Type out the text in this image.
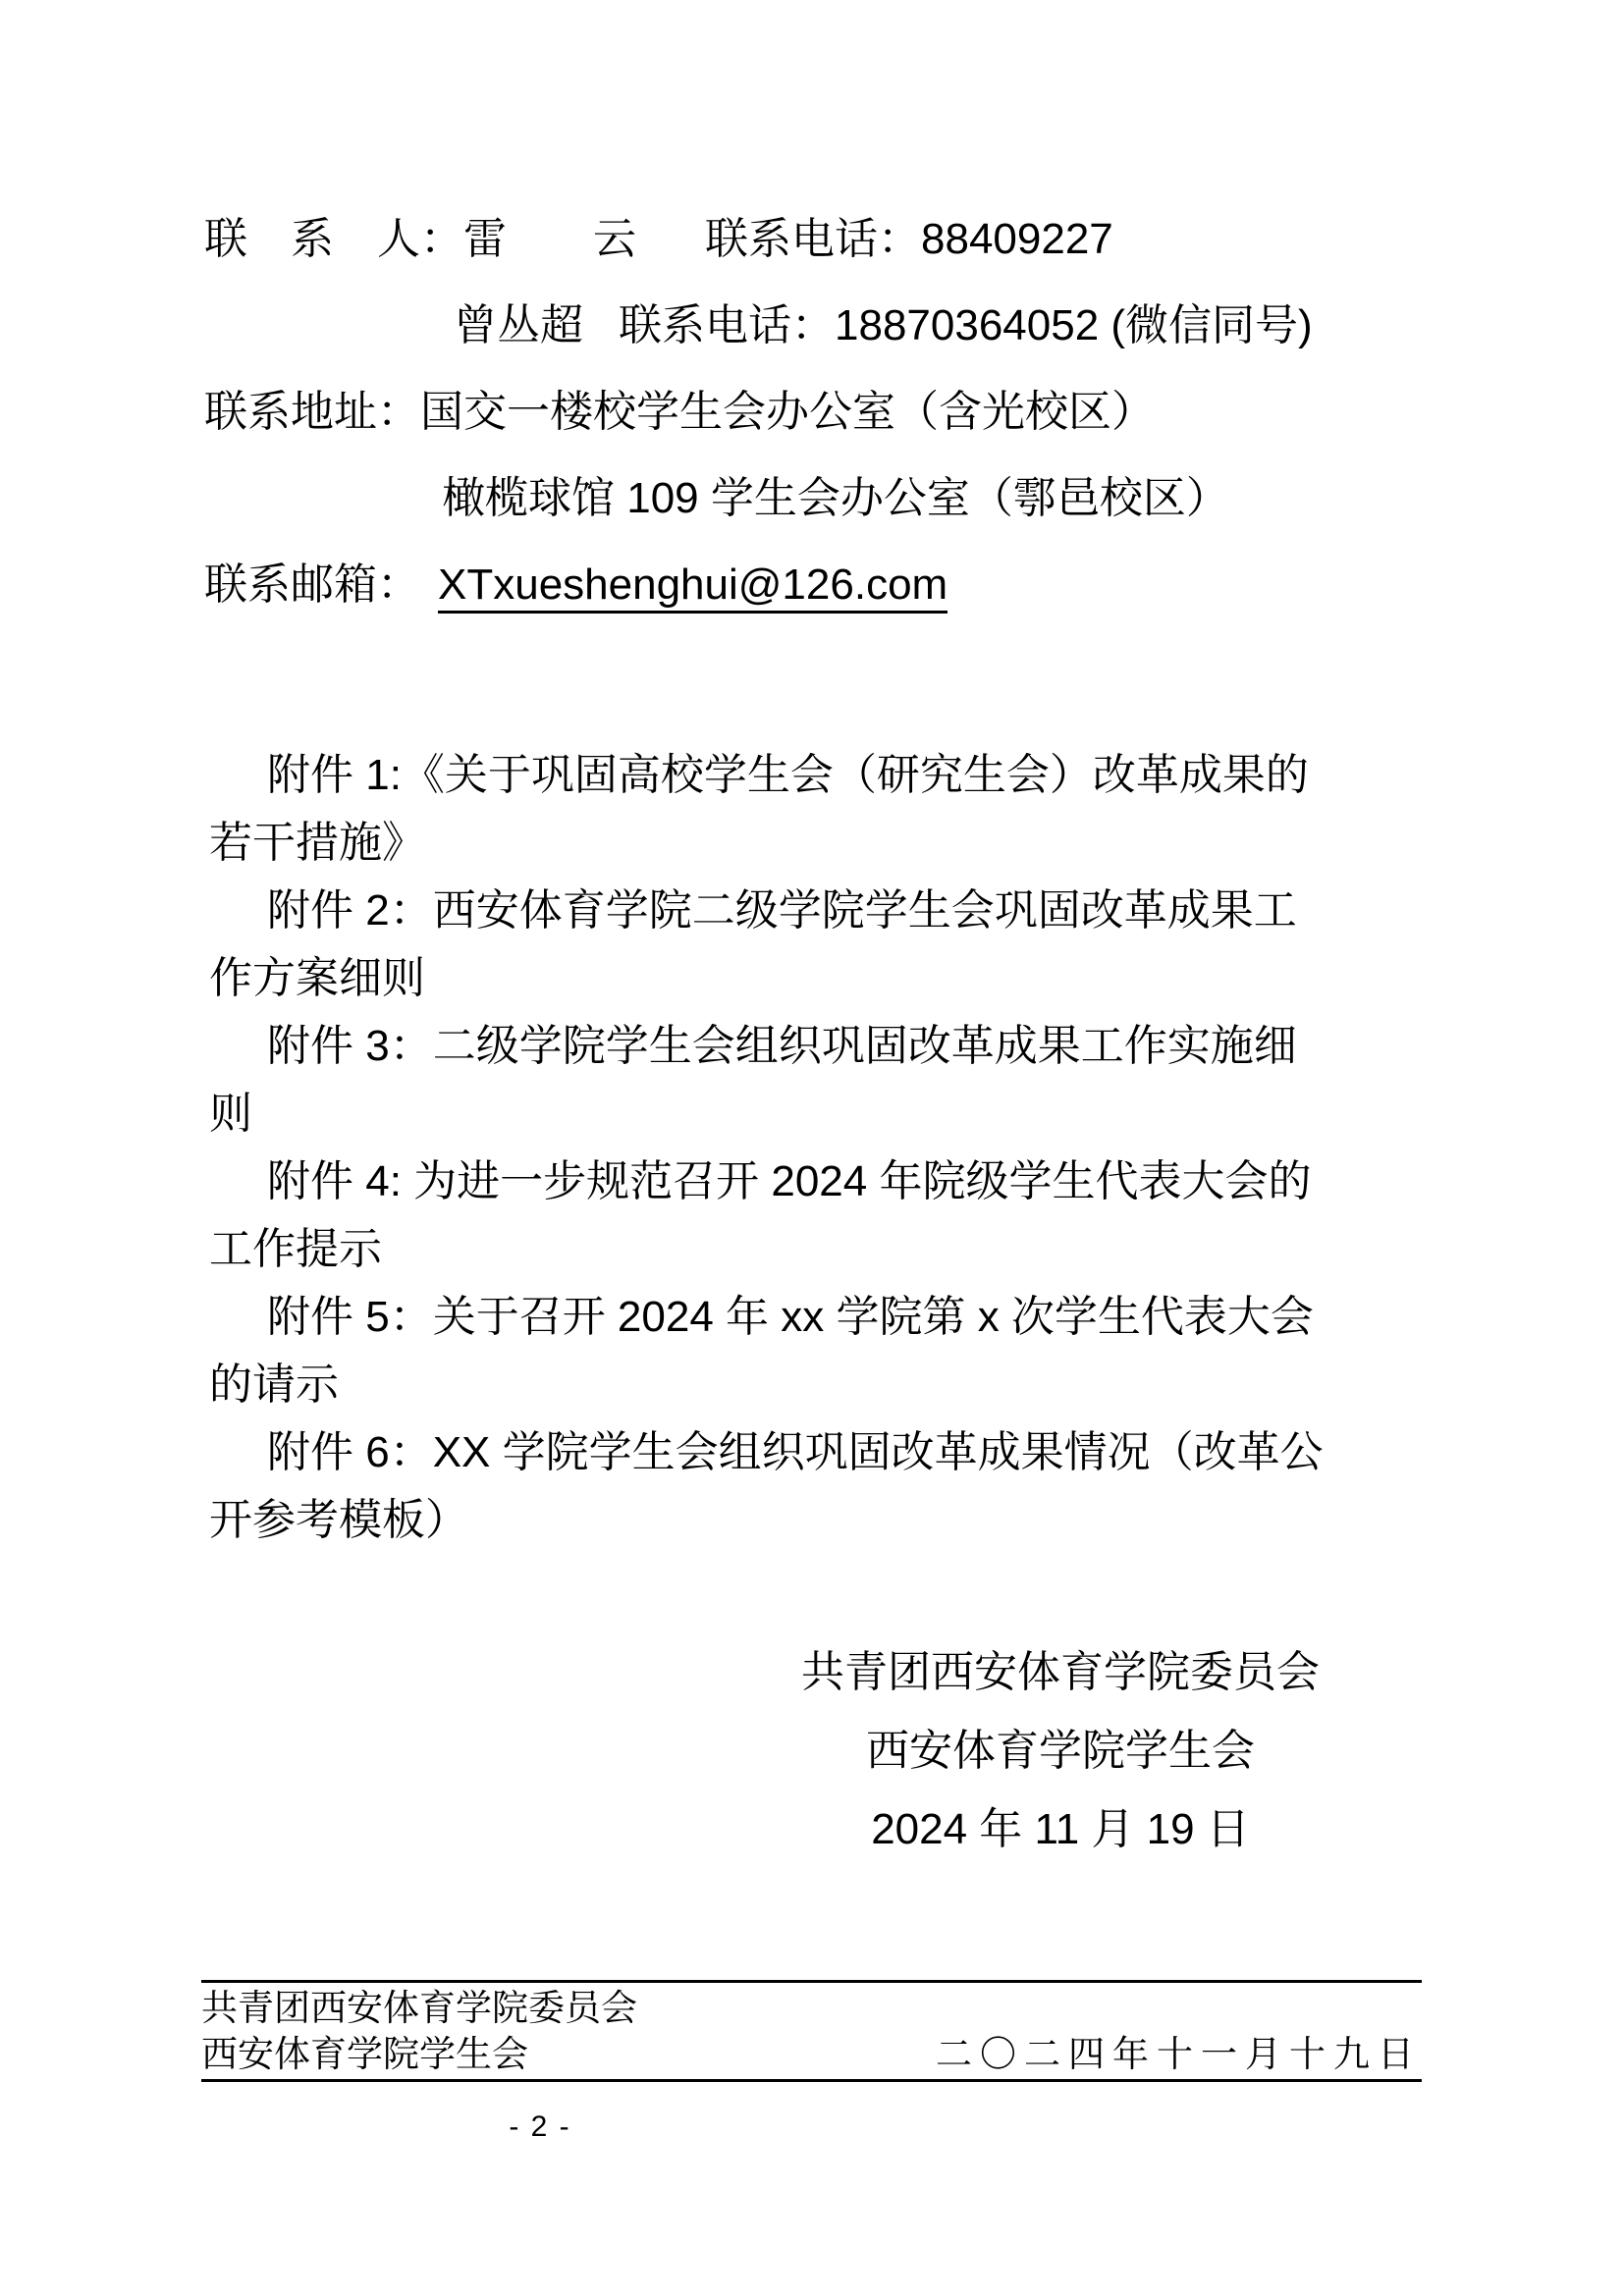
联　系　人：雷　　云 联系电话：88409227
曾丛超 联系电话：18870364052 (微信同号)
联系地址：国交一楼校学生会办公室（含光校区）
橄榄球馆 109 学生会办公室（鄠邑校区）
联系邮箱： XTxueshenghui@126.com
附件 1:《关于巩固高校学生会（研究生会）改革成果的
若干措施》
附件 2：西安体育学院二级学院学生会巩固改革成果工
作方案细则
附件 3：二级学院学生会组织巩固改革成果工作实施细
则
附件 4: 为进一步规范召开 2024 年院级学生代表大会的
工作提示
附件 5：关于召开 2024 年 xx 学院第 x 次学生代表大会
的请示
附件 6：XX 学院学生会组织巩固改革成果情况（改革公
开参考模板）
共青团西安体育学院委员会
西安体育学院学生会
2024 年 11 月 19 日
共青团西安体育学院委员会
西安体育学院学生会	二〇二四年十一月十九日
- 2 -
